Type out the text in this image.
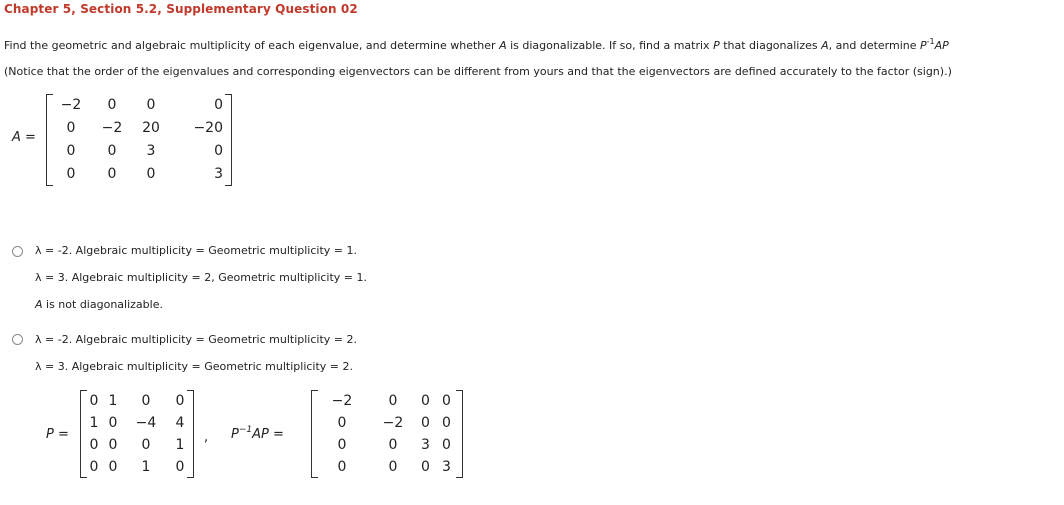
Chapter 5, Section 5.2, Supplementary Question 02
Find the geometric and algebraic multiplicity of each eigenvalue, and determine whether A is diagonalizable. If so, find a matrix P that diagonalizes A, and determine $P^{-1}AP$
(Notice that the order of the eigenvalues and corresponding eigenvectors can be different from yours and that the eigenvectors are defined accurately to the factor (sign).)
A =
−2	0	0	0
0	−2	20	−20
0	0	3	0
0	0	0	3
λ = -2. Algebraic multiplicity = Geometric multiplicity = 1.
λ = 3. Algebraic multiplicity = 2, Geometric multiplicity = 1.
A is not diagonalizable.
λ = -2. Algebraic multiplicity = Geometric multiplicity = 2.
λ = 3. Algebraic multiplicity = Geometric multiplicity = 2.
P =
0 1	0	0
1 0	−4	4
0 0	0	1
0 0	1	0
, $P^{-1}AP$ =
−2	0	0 0
0	−2	0 0
0	0	3 0
0	0	0 3
